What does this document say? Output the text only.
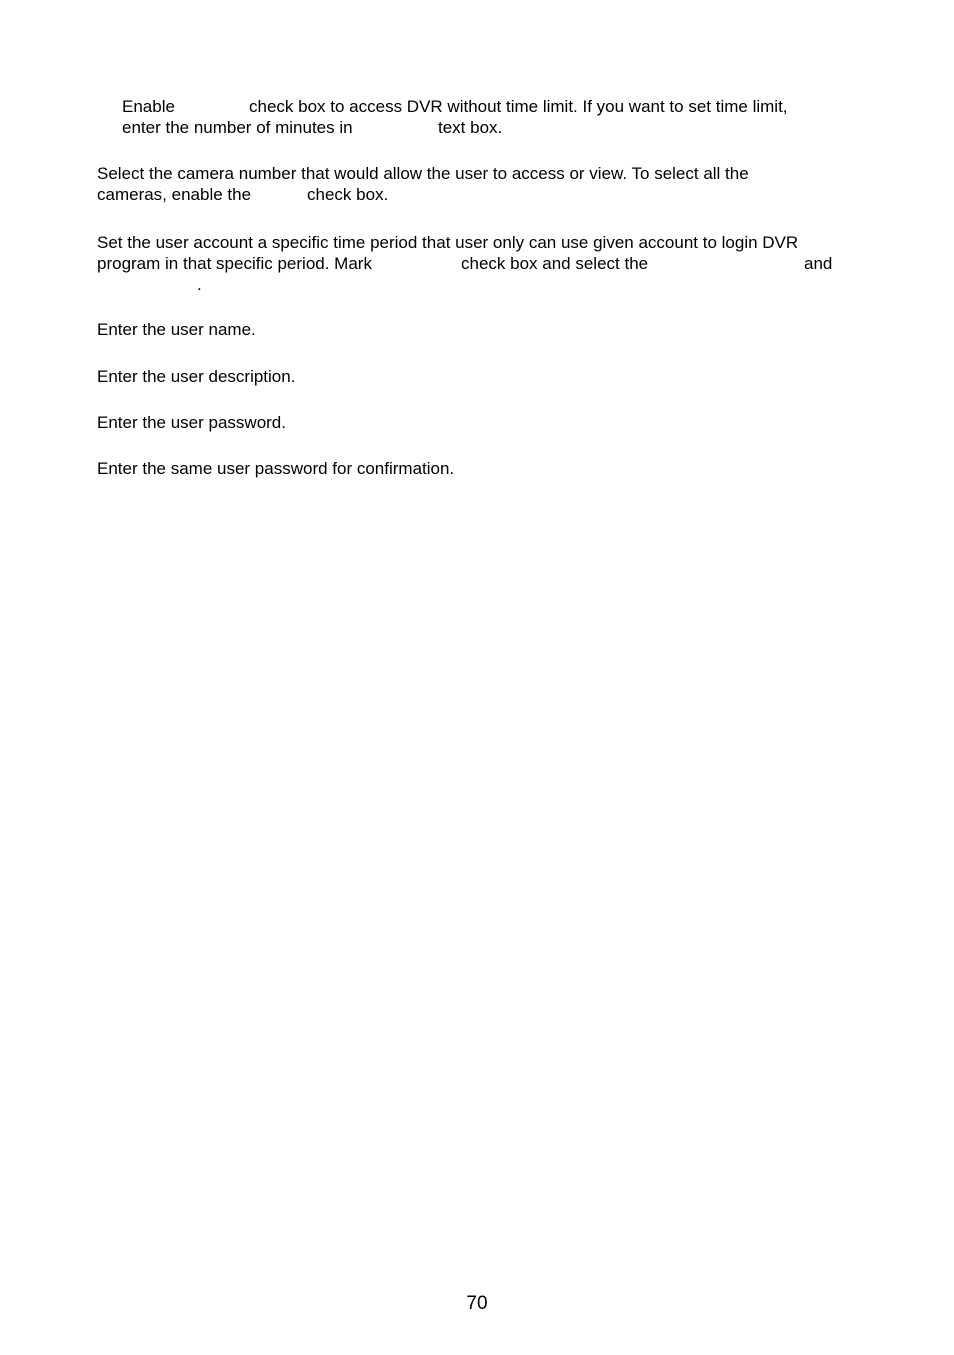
Enable	check box to access DVR without time limit. If you want to set time limit,

enter the number of minutes in	text box.

Select the camera number that would allow the user to access or view. To select all the

cameras, enable the	check box.

Set the user account a specific time period that user only can use given account to login DVR

program in that specific period. Mark	check box and select the	and

.

Enter the user name.

Enter the user description.

Enter the user password.

Enter the same user password for confirmation.

70
